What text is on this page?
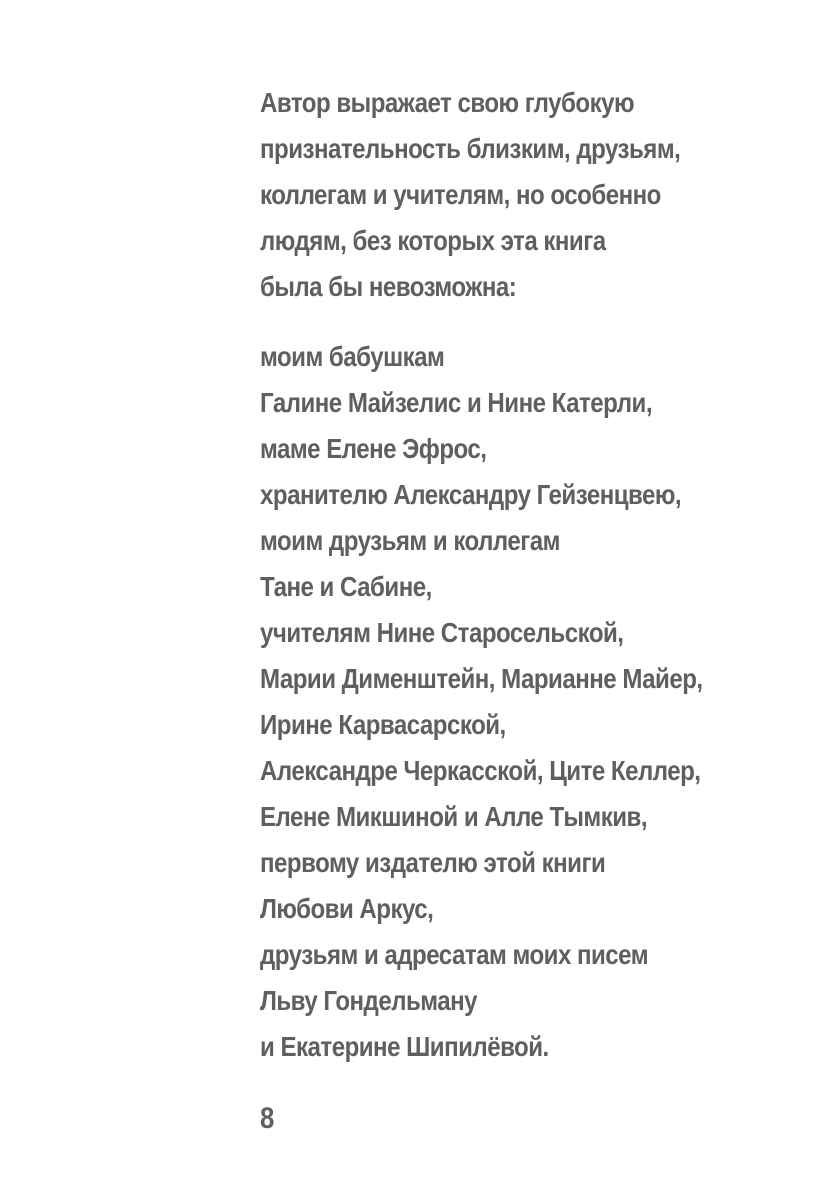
Автор выражает свою глубокую
признательность близким, друзьям,
коллегам и учителям, но особенно
людям, без которых эта книга
была бы невозможна:
моим бабушкам
Галине Майзелис и Нине Катерли,
маме Елене Эфрос,
хранителю Александру Гейзенцвею,
моим друзьям и коллегам
Тане и Сабине,
учителям Нине Старосельской,
Марии Дименштейн, Марианне Майер,
Ирине Карвасарской,
Александре Черкасской, Ците Келлер,
Елене Микшиной и Алле Тымкив,
первому издателю этой книги
Любови Аркус,
друзьям и адресатам моих писем
Льву Гондельману
и Екатерине Шипилёвой.
8
